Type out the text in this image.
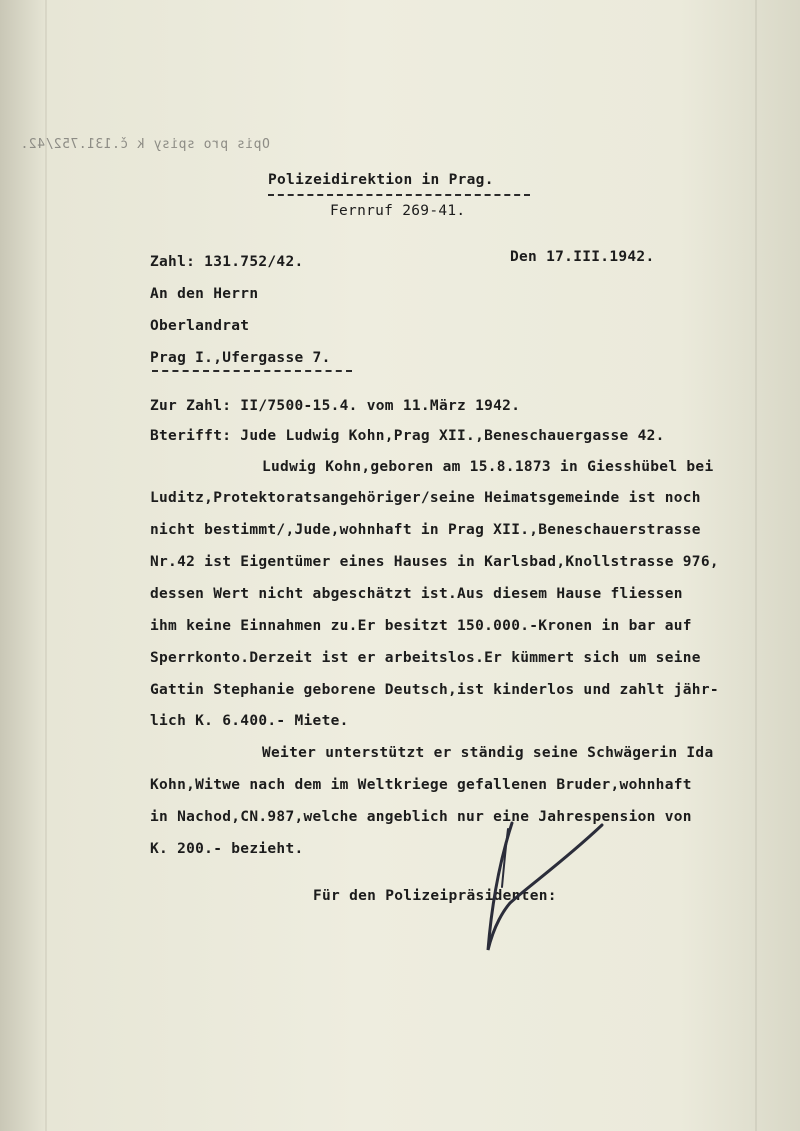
Opis pro spisy k č.131.752/42.
Polizeidirektion in Prag.
Fernruf 269-41.
Zahl: 131.752/42.	Den 17.III.1942.
An den Herrn
Oberlandrat
Prag I.,Ufergasse 7.
Zur Zahl: II/7500-15.4. vom 11.März 1942.
Bterifft: Jude Ludwig Kohn,Prag XII.,Beneschauergasse 42.
Ludwig Kohn,geboren am 15.8.1873 in Giesshübel bei
Luditz,Protektoratsangehöriger/seine Heimatsgemeinde ist noch
nicht bestimmt/,Jude,wohnhaft in Prag XII.,Beneschauerstrasse
Nr.42 ist Eigentümer eines Hauses in Karlsbad,Knollstrasse 976,
dessen Wert nicht abgeschätzt ist.Aus diesem Hause fliessen
ihm keine Einnahmen zu.Er besitzt 150.000.-Kronen in bar auf
Sperrkonto.Derzeit ist er arbeitslos.Er kümmert sich um seine
Gattin Stephanie geborene Deutsch,ist kinderlos und zahlt jähr-
lich K. 6.400.- Miete.
Weiter unterstützt er ständig seine Schwägerin Ida
Kohn,Witwe nach dem im Weltkriege gefallenen Bruder,wohnhaft
in Nachod,CN.987,welche angeblich nur eine Jahrespension von
K. 200.- bezieht.
Für den Polizeipräsidenten:
